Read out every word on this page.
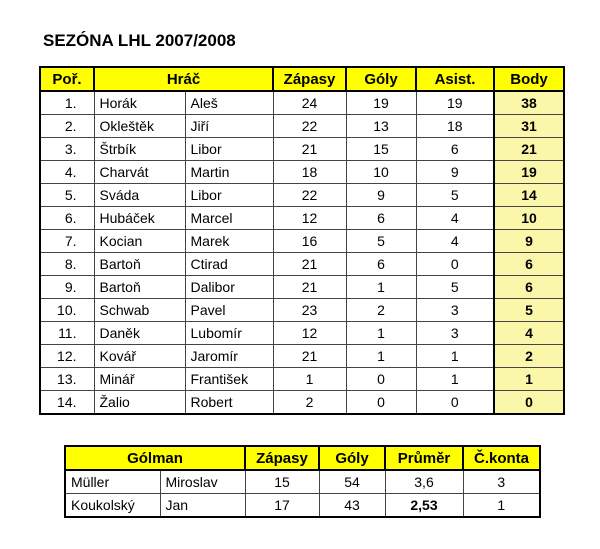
SEZÓNA LHL 2007/2008
Poř.	Hráč		Zápasy	Góly	Asist.	Body
1.	Horák	Aleš	24	19	19	38
2.	Okleštěk	Jiří	22	13	18	31
3.	Štrbík	Libor	21	15	6	21
4.	Charvát	Martin	18	10	9	19
5.	Sváda	Libor	22	9	5	14
6.	Hubáček	Marcel	12	6	4	10
7.	Kocian	Marek	16	5	4	9
8.	Bartoň	Ctirad	21	6	0	6
9.	Bartoň	Dalibor	21	1	5	6
10.	Schwab	Pavel	23	2	3	5
11.	Daněk	Lubomír	12	1	3	4
12.	Kovář	Jaromír	21	1	1	2
13.	Minář	František	1	0	1	1
14.	Žalio	Robert	2	0	0	0
Gólman		Zápasy	Góly	Průměr	Č.konta
Müller	Miroslav	15	54	3,6	3
Koukolský	Jan	17	43	2,53	1
